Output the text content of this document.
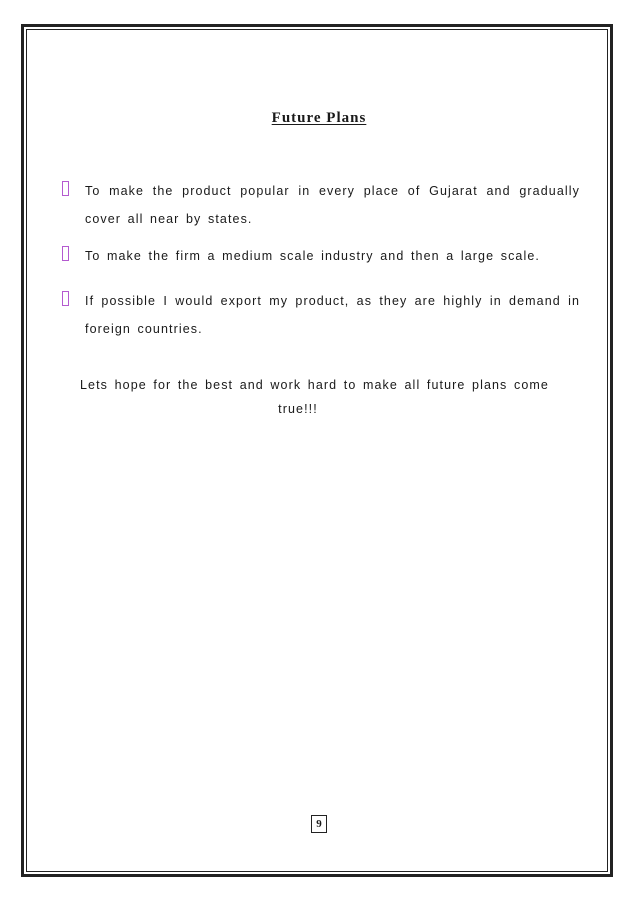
Future Plans
To make the product popular in every place of Gujarat and gradually cover all near by states.
To make the firm a medium scale industry and then a large scale.
If possible I would export my product, as they are highly in demand in foreign countries.
Lets hope for the best and work hard to make all future plans come
true!!!
9
